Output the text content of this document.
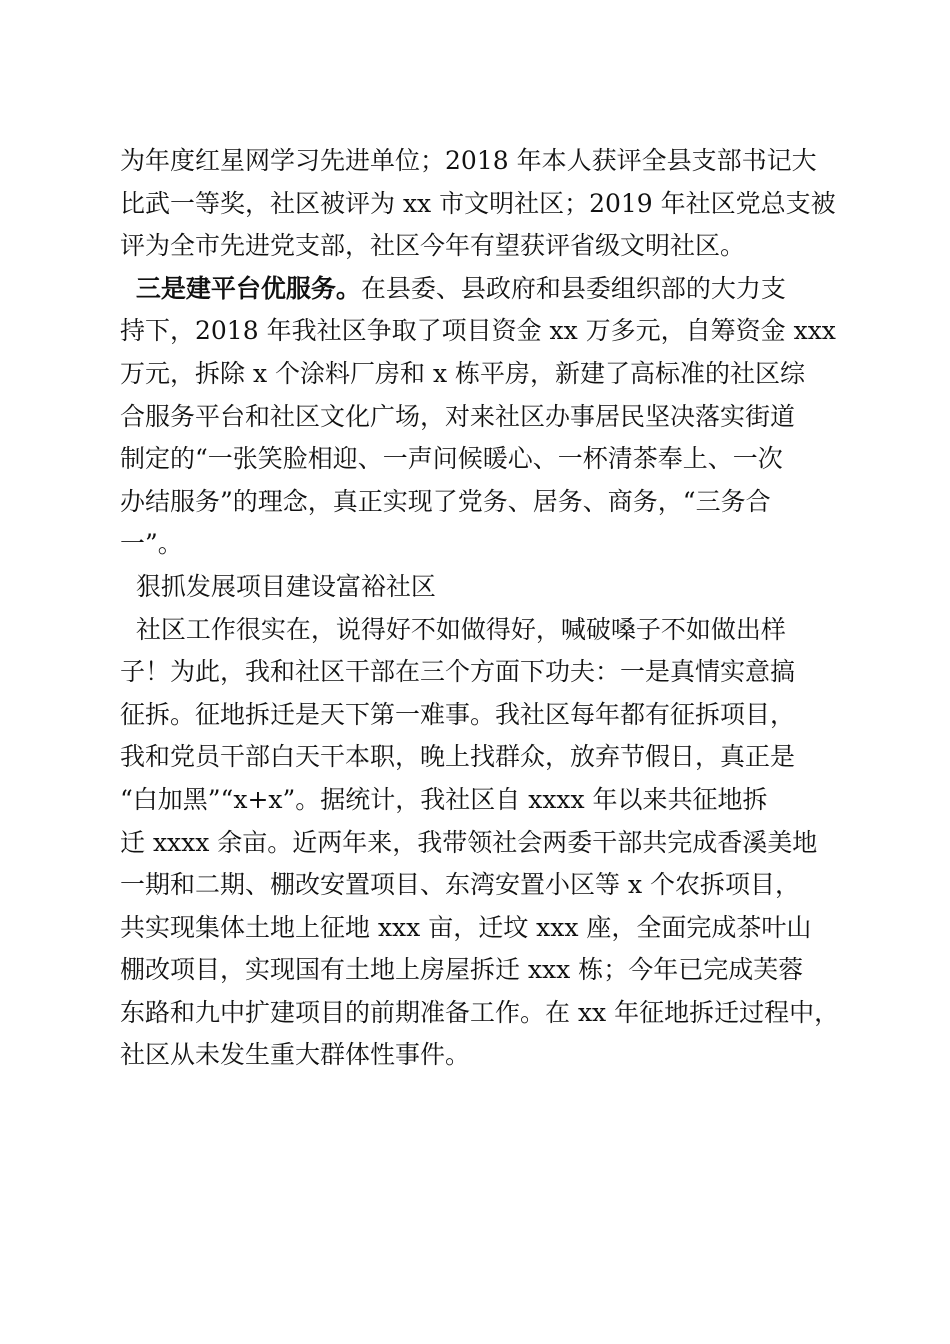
为年度红星网学习先进单位；2018 年本人获评全县支部书记大
比武一等奖，社区被评为 xx 市文明社区；2019 年社区党总支被
评为全市先进党支部，社区今年有望获评省级文明社区。
三是建平台优服务。在县委、县政府和县委组织部的大力支
持下，2018 年我社区争取了项目资金 xx 万多元，自筹资金 xxx
万元，拆除 x 个涂料厂房和 x 栋平房，新建了高标准的社区综
合服务平台和社区文化广场，对来社区办事居民坚决落实街道
制定的“一张笑脸相迎、一声问候暖心、一杯清茶奉上、一次
办结服务”的理念，真正实现了党务、居务、商务，“三务合
一”。
狠抓发展项目建设富裕社区
社区工作很实在，说得好不如做得好，喊破嗓子不如做出样
子！为此，我和社区干部在三个方面下功夫：一是真情实意搞
征拆。征地拆迁是天下第一难事。我社区每年都有征拆项目，
我和党员干部白天干本职，晚上找群众，放弃节假日，真正是
“白加黑”“x+x”。据统计，我社区自 xxxx 年以来共征地拆
迁 xxxx 余亩。近两年来，我带领社会两委干部共完成香溪美地
一期和二期、棚改安置项目、东湾安置小区等 x 个农拆项目，
共实现集体土地上征地 xxx 亩，迁坟 xxx 座，全面完成茶叶山
棚改项目，实现国有土地上房屋拆迁 xxx 栋；今年已完成芙蓉
东路和九中扩建项目的前期准备工作。在 xx 年征地拆迁过程中，
社区从未发生重大群体性事件。
